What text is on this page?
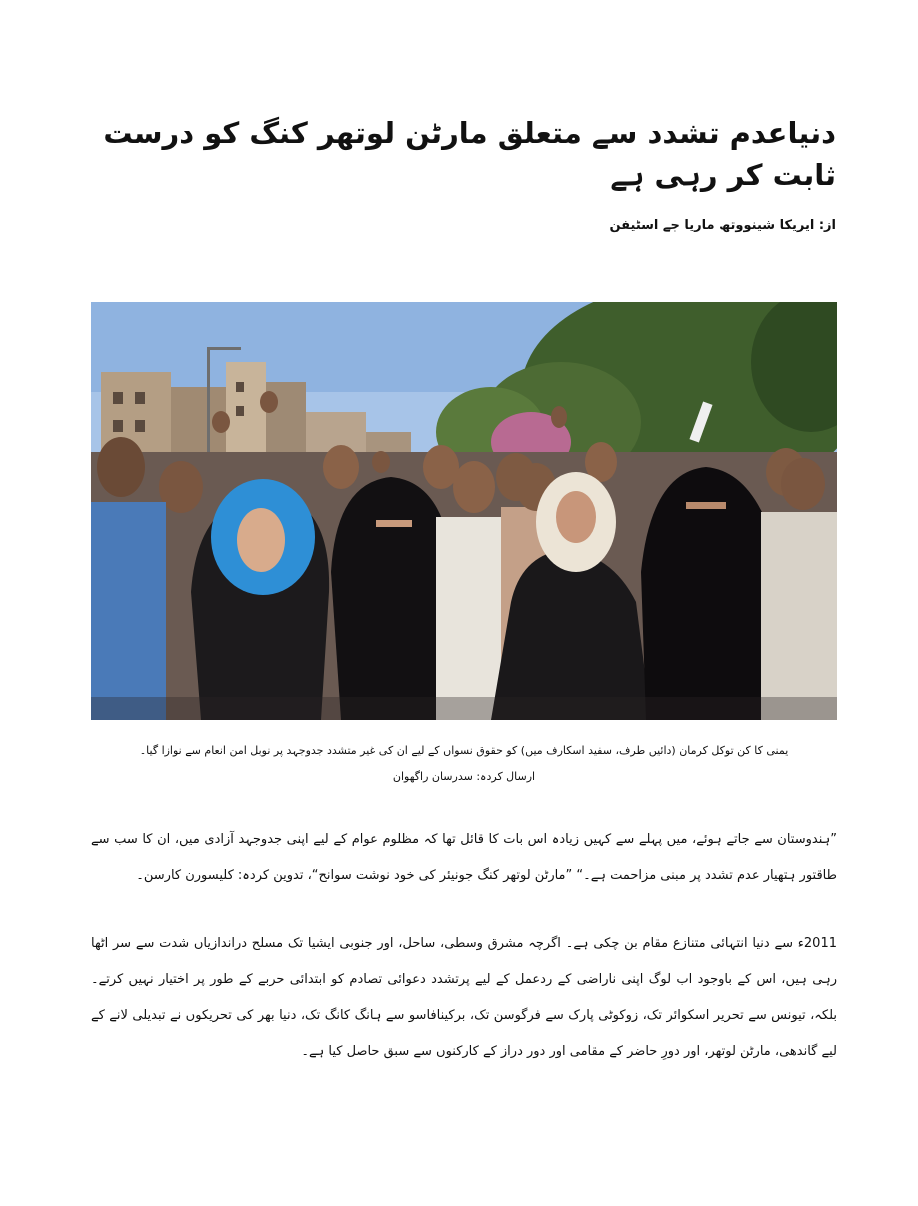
دنیاعدم تشدد سے متعلق مارٹن لوتھر کنگ کو درست ثابت کر رہی ہے

از: ایریکا شینووتھ ماریا جے اسٹیفن

یمنی کا کن توکل کرمان (دائیں طرف، سفید اسکارف میں) کو حقوق نسواں کے لیے ان کی غیر متشدد جدوجہد پر نوبل امن انعام سے نوازا گیا۔
ارسال کردہ: سدرسان راگھوان

”ہندوستان سے جاتے ہوئے، میں پہلے سے کہیں زیادہ اس بات کا قائل تھا کہ مظلوم عوام کے لیے اپنی جدوجہد آزادی میں، ان کا سب سے طاقتور ہتھیار عدم تشدد پر مبنی مزاحمت ہے۔“ ”مارٹن لوتھر کنگ جونیئر کی خود نوشت سوانح“، تدوین کردہ: کلیسورن کارسن۔

2011ء سے دنیا انتہائی متنازع مقام بن چکی ہے۔ اگرچہ مشرق وسطی، ساحل، اور جنوبی ایشیا تک مسلح دراندازیاں شدت سے سر اٹھا رہی ہیں، اس کے باوجود اب لوگ اپنی ناراضی کے ردعمل کے لیے پرتشدد دعوائی تصادم کو ابتدائی حربے کے طور پر اختیار نہیں کرتے۔ بلکہ، تیونس سے تحریر اسکوائر تک، زوکوٹی پارک سے فرگوسن تک، برکینافاسو سے ہانگ کانگ تک، دنیا بھر کی تحریکوں نے تبدیلی لانے کے لیے گاندھی، مارٹن لوتھر، اور دورِ حاضر کے مقامی اور دور دراز کے کارکنوں سے سبق حاصل کیا ہے۔
